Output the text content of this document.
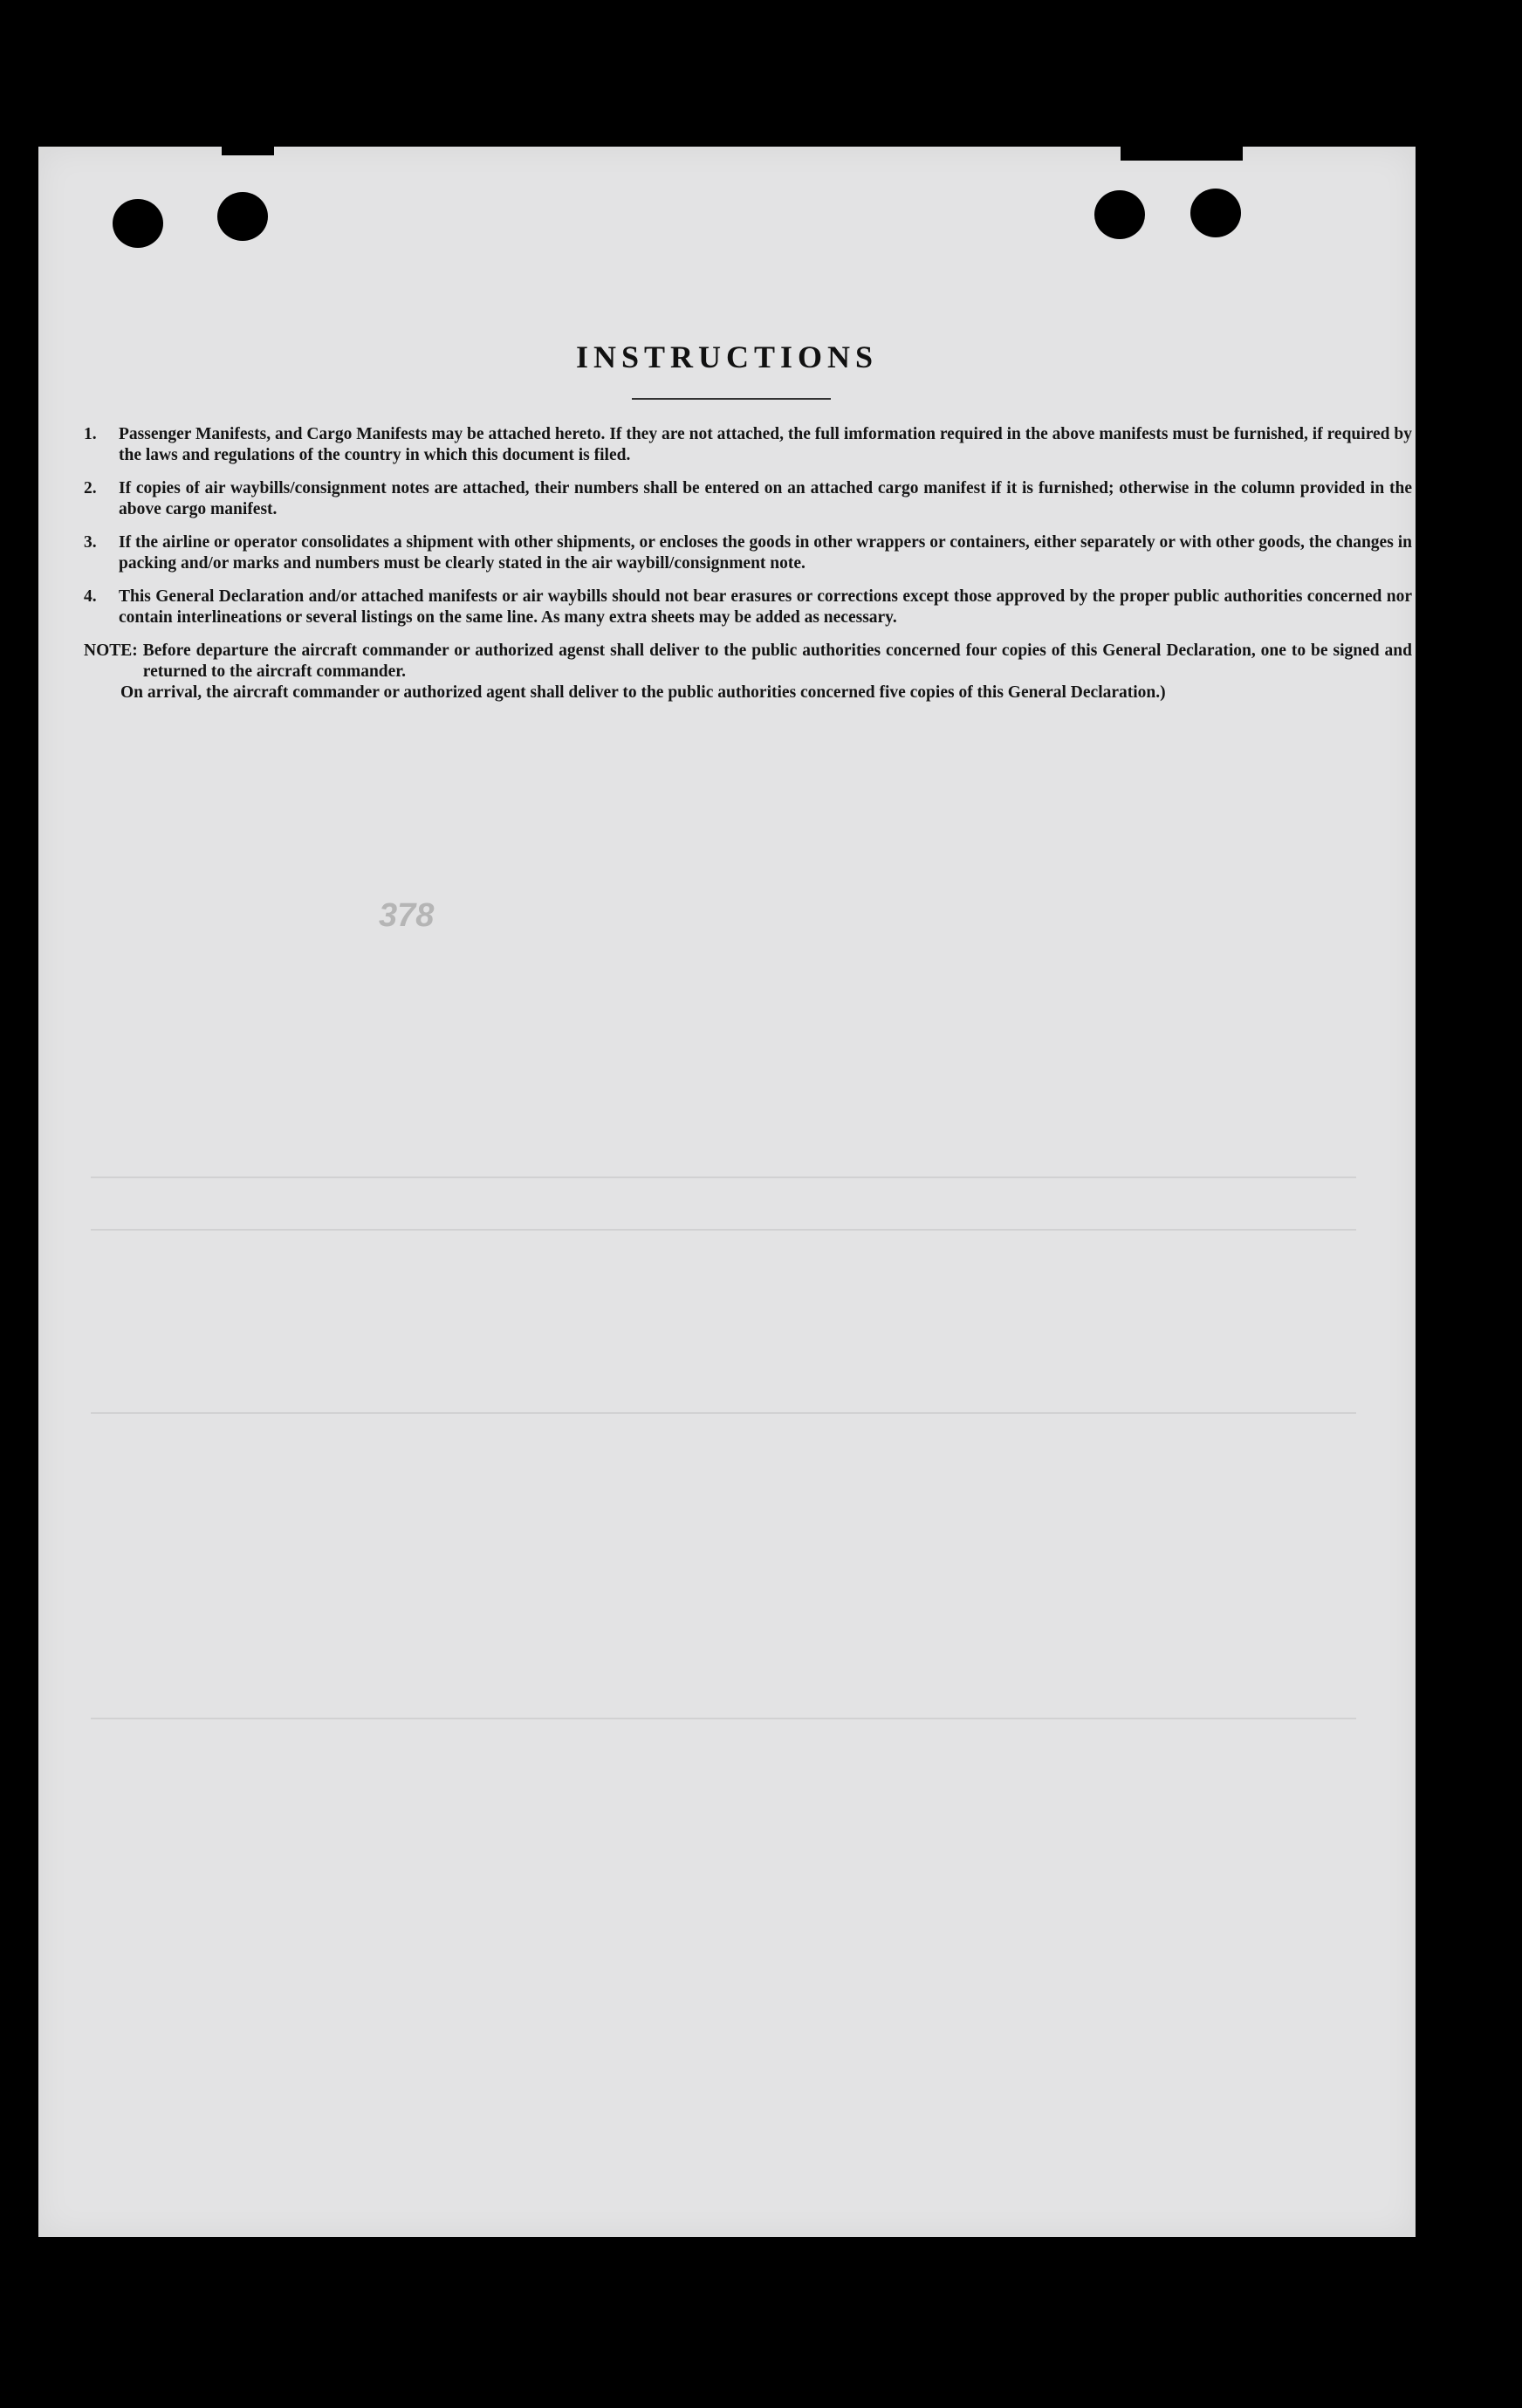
INSTRUCTIONS
1.	Passenger Manifests, and Cargo Manifests may be attached hereto. If they are not attached, the full imformation required in the above manifests must be furnished, if required by the laws and regulations of the country in which this document is filed.
2.	If copies of air waybills/consignment notes are attached, their numbers shall be entered on an attached cargo manifest if it is furnished; otherwise in the column provided in the above cargo manifest.
3.	If the airline or operator consolidates a shipment with other shipments, or encloses the goods in other wrappers or containers, either separately or with other goods, the changes in packing and/or marks and numbers must be clearly stated in the air waybill/consignment note.
4.	This General Declaration and/or attached manifests or air waybills should not bear erasures or corrections except those approved by the proper public authorities concerned nor contain interlineations or several listings on the same line. As many extra sheets may be added as necessary.
NOTE: Before departure the aircraft commander or authorized agenst shall deliver to the public authorities concerned four copies of this General Declaration, one to be signed and returned to the aircraft commander.
On arrival, the aircraft commander or authorized agent shall deliver to the public authorities concerned five copies of this General Declaration.)
378
